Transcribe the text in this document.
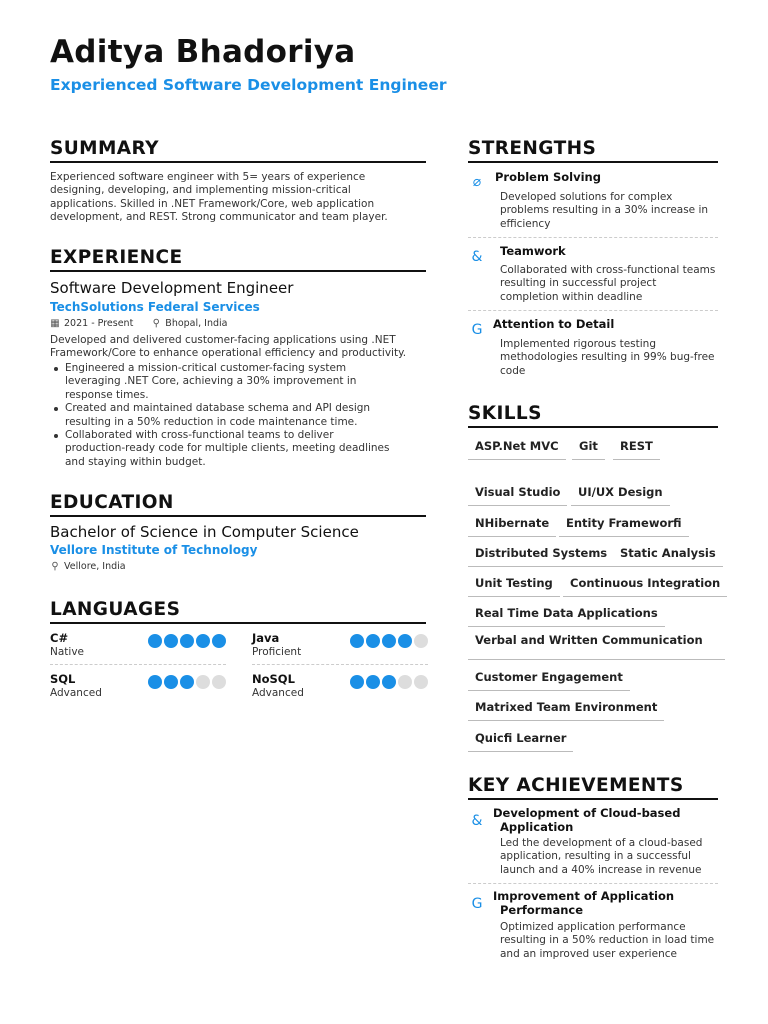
Aditya Bhadoriya
Experienced Software Development Engineer
SUMMARY
Experienced software engineer with 5= years of experience designing, developing, and implementing mission-critical applications. Skilled in .NET Framework/Core, web application development, and REST. Strong communicator and team player.
EXPERIENCE
Software Development Engineer
TechSolutions Federal Services
▦ 2021 - Present ⚲ Bhopal, India
Developed and delivered customer-facing applications using .NET Framework/Core to enhance operational efficiency and productivity.
Engineered a mission-critical customer-facing system leveraging .NET Core, achieving a 30% improvement in response times.
Created and maintained database schema and API design resulting in a 50% reduction in code maintenance time.
Collaborated with cross-functional teams to deliver production-ready code for multiple clients, meeting deadlines and staying within budget.
EDUCATION
Bachelor of Science in Computer Science
Vellore Institute of Technology
⚲ Vellore, India
LANGUAGES
C#
Native
Java
Proficient
SQL
Advanced
NoSQL
Advanced
STRENGTHS
⌀	Problem Solving
Developed solutions for complex problems resulting in a 30% increase in efficiency
&	Teamwork
Collaborated with cross-functional teams resulting in successful project completion within deadline
G Attention to Detail
Implemented rigorous testing methodologies resulting in 99% bug-free code
SKILLS
ASP.Net MVC	Git	REST
Visual Studio	UI/UX Design
NHibernate	Entity Frameworfi
Distributed Systems	Static Analysis
Unit Testing	Continuous Integration
Real Time Data Applications
Verbal and Written Communication
Customer Engagement
Matrixed Team Environment
Quicfi Learner
KEY ACHIEVEMENTS
& Development of Cloud-based
Application
Led the development of a cloud-based application, resulting in a successful launch and a 40% increase in revenue
G Improvement of Application
Performance
Optimized application performance resulting in a 50% reduction in load time and an improved user experience
